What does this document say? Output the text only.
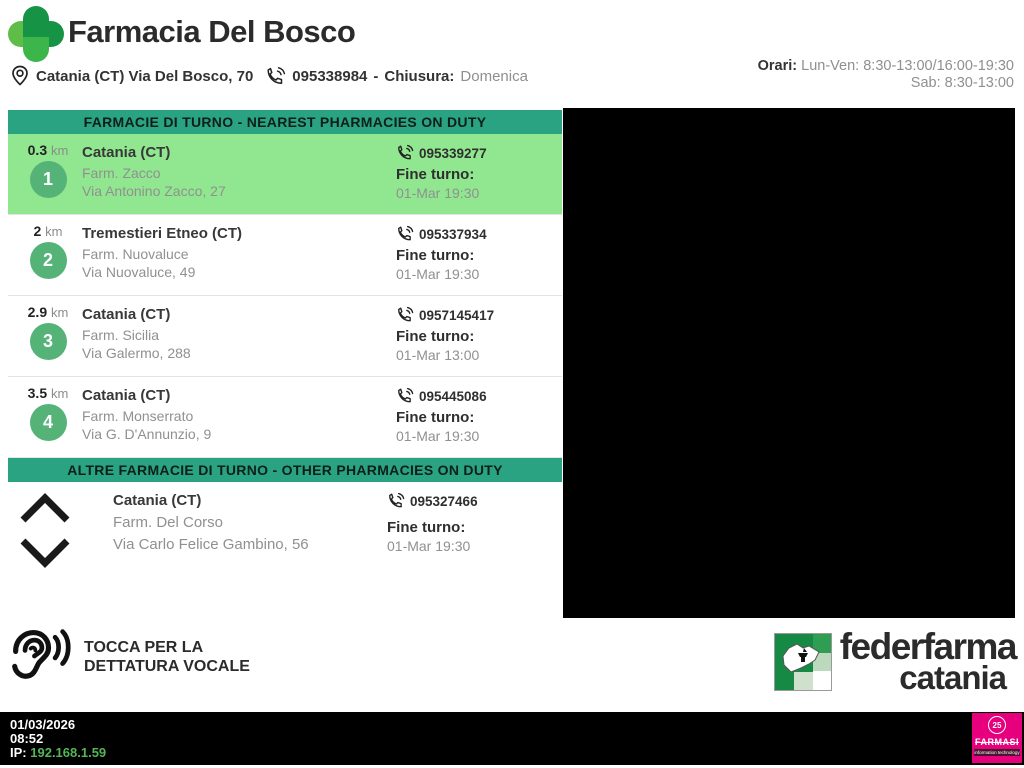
Farmacia Del Bosco
Catania (CT) Via Del Bosco, 70	095338984 - Chiusura: Domenica
Orari: Lun-Ven: 8:30-13:00/16:00-19:30
Sab: 8:30-13:00
FARMACIE DI TURNO - NEAREST PHARMACIES ON DUTY
0.3 km
1
Catania (CT)
Farm. Zacco
Via Antonino Zacco, 27
095339277
Fine turno:
01-Mar 19:30
2 km
2
Tremestieri Etneo (CT)
Farm. Nuovaluce
Via Nuovaluce, 49
095337934
Fine turno:
01-Mar 19:30
2.9 km
3
Catania (CT)
Farm. Sicilia
Via Galermo, 288
0957145417
Fine turno:
01-Mar 13:00
3.5 km
4
Catania (CT)
Farm. Monserrato
Via G. D'Annunzio, 9
095445086
Fine turno:
01-Mar 19:30
ALTRE FARMACIE DI TURNO - OTHER PHARMACIES ON DUTY
Catania (CT)
Farm. Del Corso
Via Carlo Felice Gambino, 56
095327466
Fine turno:
01-Mar 19:30
TOCCA PER LA
DETTATURA VOCALE	federfarma
catania
01/03/2026
08:52
IP: 192.168.1.59
25
FARMASI
information technology
